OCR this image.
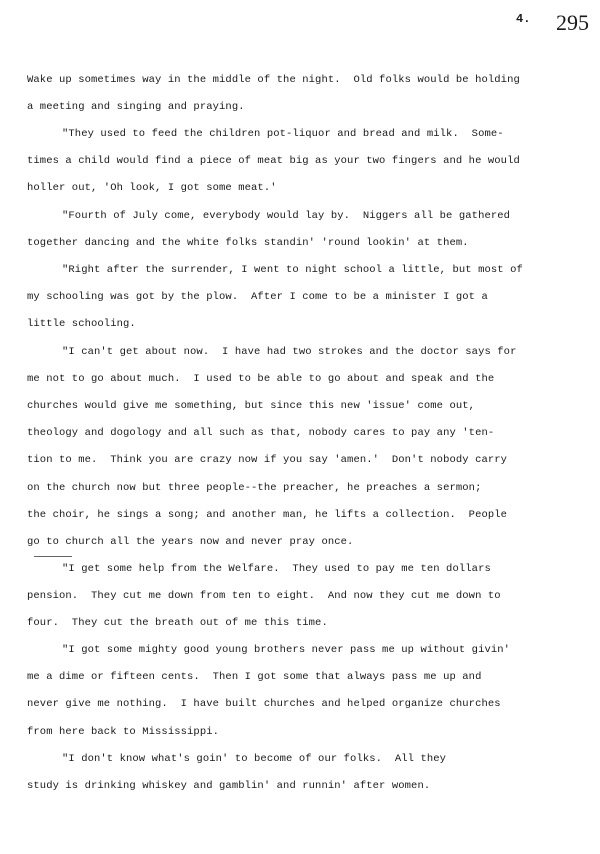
4. 295
Wake up sometimes way in the middle of the night.  Old folks would be holding
a meeting and singing and praying.
"They used to feed the children pot-liquor and bread and milk.  Some-
times a child would find a piece of meat big as your two fingers and he would
holler out, 'Oh look, I got some meat.'
"Fourth of July come, everybody would lay by.  Niggers all be gathered
together dancing and the white folks standin' 'round lookin' at them.
"Right after the surrender, I went to night school a little, but most of
my schooling was got by the plow.  After I come to be a minister I got a
little schooling.
"I can't get about now.  I have had two strokes and the doctor says for
me not to go about much.  I used to be able to go about and speak and the
churches would give me something, but since this new 'issue' come out,
theology and dogology and all such as that, nobody cares to pay any 'ten-
tion to me.  Think you are crazy now if you say 'amen.'  Don't nobody carry
on the church now but three people--the preacher, he preaches a sermon;
the choir, he sings a song; and another man, he lifts a collection.  People
go to church all the years now and never pray once.
"I get some help from the Welfare.  They used to pay me ten dollars
pension.  They cut me down from ten to eight.  And now they cut me down to
four.  They cut the breath out of me this time.
"I got some mighty good young brothers never pass me up without givin'
me a dime or fifteen cents.  Then I got some that always pass me up and
never give me nothing.  I have built churches and helped organize churches
from here back to Mississippi.
"I don't know what's goin' to become of our folks.  All they
study is drinking whiskey and gamblin' and runnin' after women.
